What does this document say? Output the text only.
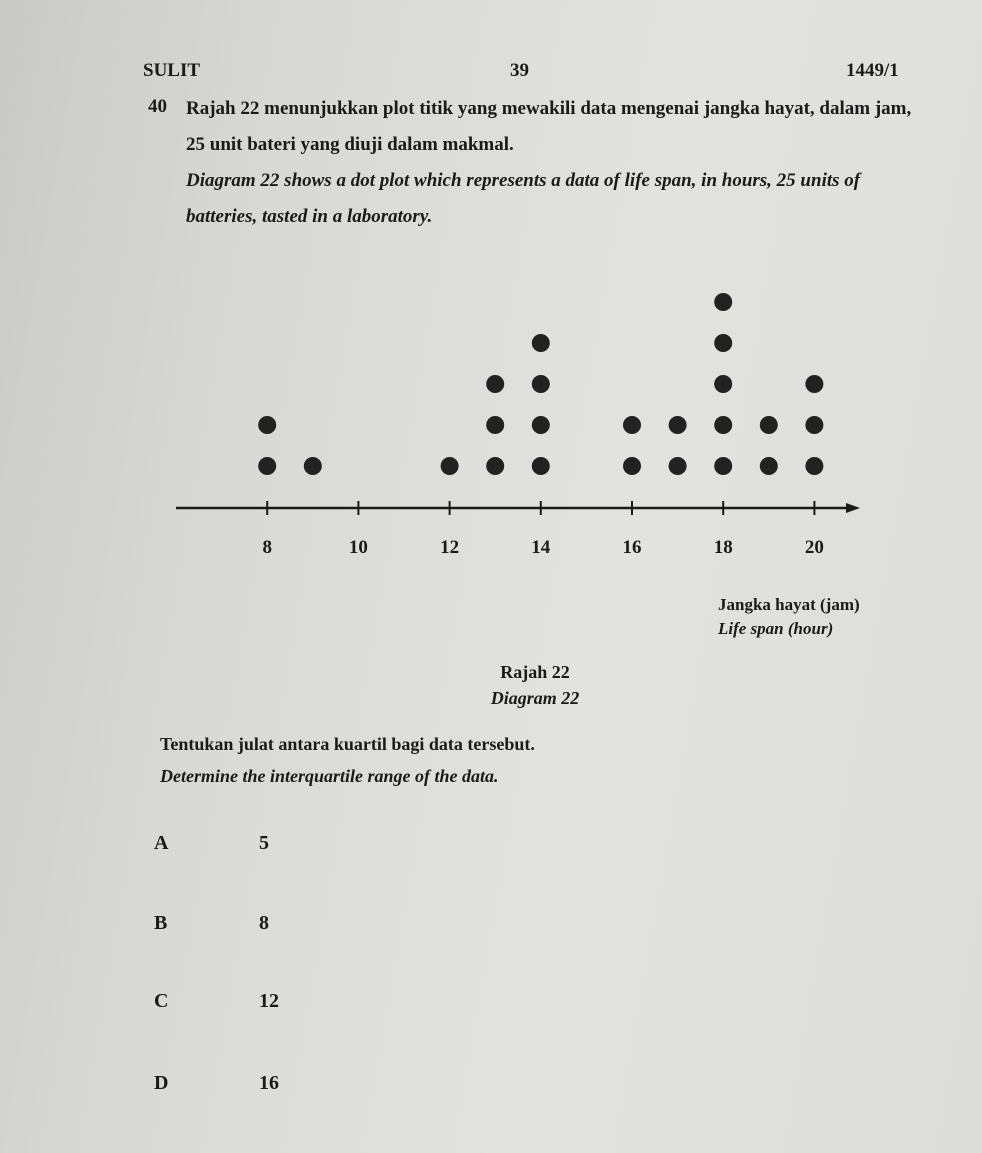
SULIT	39	1449/1
40 Rajah 22 menunjukkan plot titik yang mewakili data mengenai jangka hayat, dalam jam, 25 unit bateri yang diuji dalam makmal.
Diagram 22 shows a dot plot which represents a data of life span, in hours, 25 units of batteries, tasted in a laboratory.
8	10	12	14	16	18	20
Jangka hayat (jam)
Life span (hour)
Rajah 22
Diagram 22
Tentukan julat antara kuartil bagi data tersebut.
Determine the interquartile range of the data.
A	5
B	8
C	12
D	16
